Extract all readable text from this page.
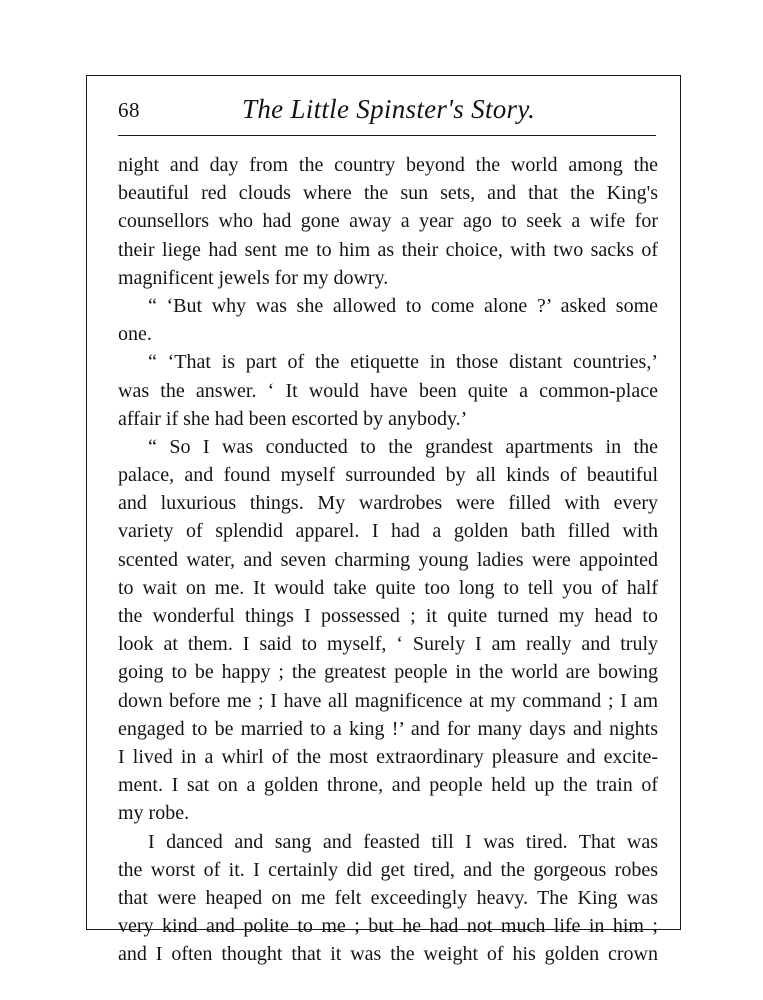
68	The Little Spinster's Story.
night and day from the country beyond the world among the
beautiful red clouds where the sun sets, and that the King's
counsellors who had gone away a year ago to seek a wife for
their liege had sent me to him as their choice, with two sacks of
magnificent jewels for my dowry.
“ ‘But why was she allowed to come alone ?’ asked some
one.
“ ‘That is part of the etiquette in those distant countries,’
was the answer. ‘ It would have been quite a common-place
affair if she had been escorted by anybody.’
“ So I was conducted to the grandest apartments in the
palace, and found myself surrounded by all kinds of beautiful
and luxurious things. My wardrobes were filled with every
variety of splendid apparel. I had a golden bath filled with
scented water, and seven charming young ladies were appointed
to wait on me. It would take quite too long to tell you of half
the wonderful things I possessed ; it quite turned my head to
look at them. I said to myself, ‘ Surely I am really and truly
going to be happy ; the greatest people in the world are bowing
down before me ; I have all magnificence at my command ; I am
engaged to be married to a king !’ and for many days and nights
I lived in a whirl of the most extraordinary pleasure and excite-
ment. I sat on a golden throne, and people held up the train of
my robe.
I danced and sang and feasted till I was tired. That was
the worst of it. I certainly did get tired, and the gorgeous robes
that were heaped on me felt exceedingly heavy. The King was
very kind and polite to me ; but he had not much life in him ;
and I often thought that it was the weight of his golden crown
